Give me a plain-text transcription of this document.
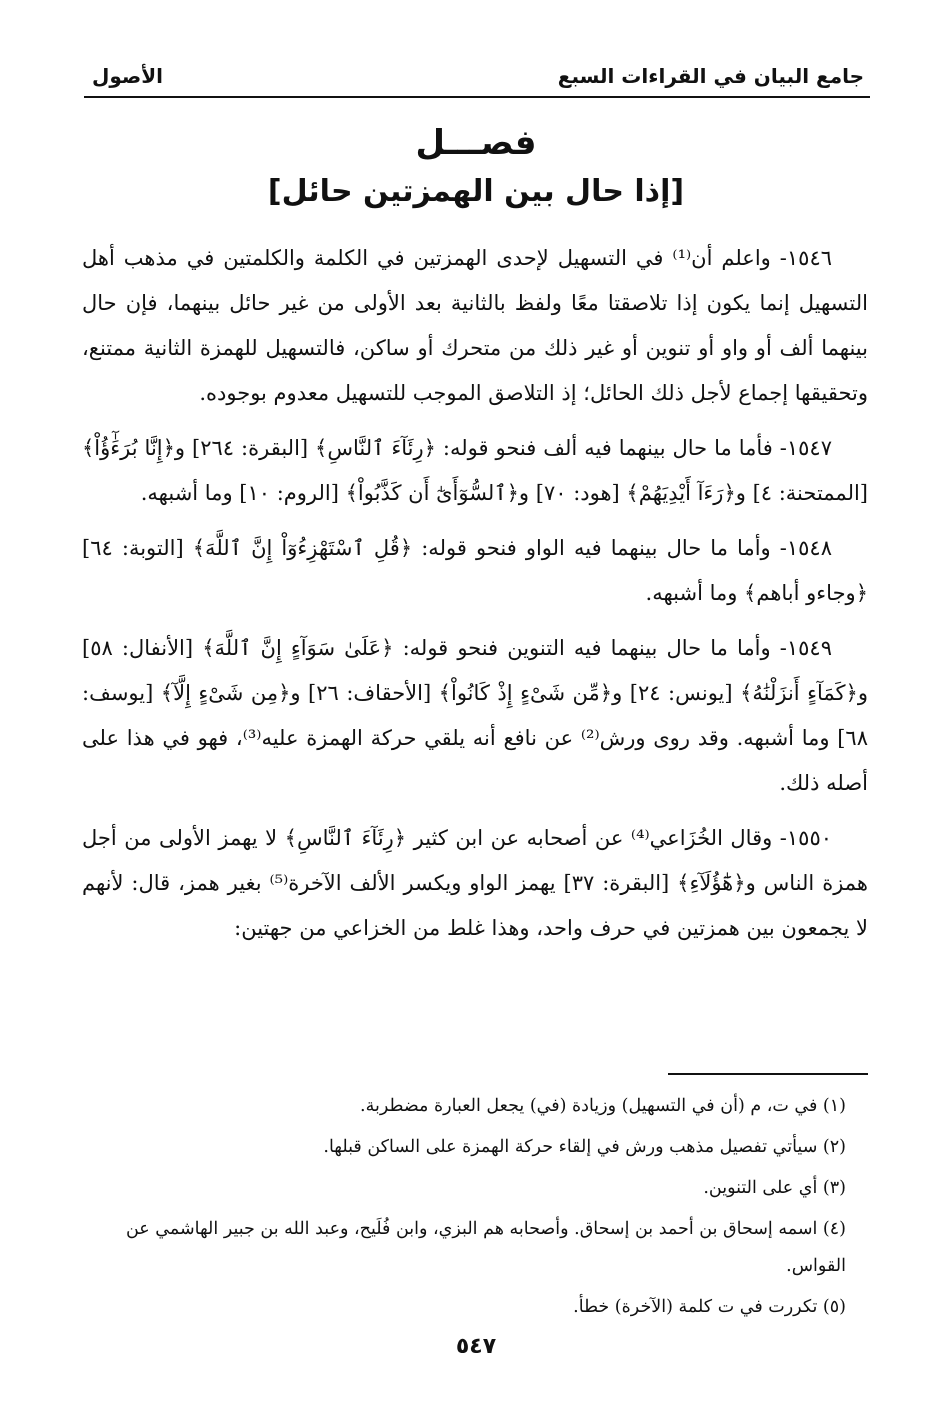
جامع البيان في القراءات السبع
الأصول
فصـــل
[إذا حال بين الهمزتين حائل]

١٥٤٦- واعلم أن⁽¹⁾ في التسهيل لإحدى الهمزتين في الكلمة والكلمتين في مذهب أهل التسهيل إنما يكون إذا تلاصقتا معًا ولفظ بالثانية بعد الأولى من غير حائل بينهما، فإن حال بينهما ألف أو واو أو تنوين أو غير ذلك من متحرك أو ساكن، فالتسهيل للهمزة الثانية ممتنع، وتحقيقها إجماع لأجل ذلك الحائل؛ إذ التلاصق الموجب للتسهيل معدوم بوجوده.

١٥٤٧- فأما ما حال بينهما فيه ألف فنحو قوله: ﴿رِئَآءَ ٱلنَّاسِ﴾ [البقرة: ٢٦٤] و﴿إِنَّا بُرَءَٰٓؤُاْ﴾ [الممتحنة: ٤] و﴿رَءَآ أَيْدِيَهُمْ﴾ [هود: ٧٠] و﴿ٱلسُّوٓأَىٰٓ أَن كَذَّبُواْ﴾ [الروم: ١٠] وما أشبهه.

١٥٤٨- وأما ما حال بينهما فيه الواو فنحو قوله: ﴿قُلِ ٱسْتَهْزِءُوٓاْ إِنَّ ٱللَّهَ﴾ [التوبة: ٦٤] ﴿وجاءو أباهم﴾ وما أشبهه.

١٥٤٩- وأما ما حال بينهما فيه التنوين فنحو قوله: ﴿عَلَىٰ سَوَآءٍ إِنَّ ٱللَّهَ﴾ [الأنفال: ٥٨] و﴿كَمَآءٍ أَنزَلْنَٰهُ﴾ [يونس: ٢٤] و﴿مِّن شَىْءٍ إِذْ كَانُواْ﴾ [الأحقاف: ٢٦] و﴿مِن شَىْءٍ إِلَّآ﴾ [يوسف: ٦٨] وما أشبهه. وقد روى ورش⁽²⁾ عن نافع أنه يلقي حركة الهمزة عليه⁽³⁾، فهو في هذا على أصله ذلك.

١٥٥٠- وقال الخُزَاعي⁽⁴⁾ عن أصحابه عن ابن كثير ﴿رِئَآءَ ٱلنَّاسِ﴾ لا يهمز الأولى من أجل همزة الناس و﴿هَٰٓؤُلَآءِ﴾ [البقرة: ٣٧] يهمز الواو ويكسر الألف الآخرة⁽⁵⁾ بغير همز، قال: لأنهم لا يجمعون بين همزتين في حرف واحد، وهذا غلط من الخزاعي من جهتين:

(١) في ت، م (أن في التسهيل) وزيادة (في) يجعل العبارة مضطربة.
(٢) سيأتي تفصيل مذهب ورش في إلقاء حركة الهمزة على الساكن قبلها.
(٣) أي على التنوين.
(٤) اسمه إسحاق بن أحمد بن إسحاق. وأصحابه هم البزي، وابن فُلَيح، وعبد الله بن جبير الهاشمي عن القواس.
(٥) تكررت في ت كلمة (الآخرة) خطأ.
٥٤٧
